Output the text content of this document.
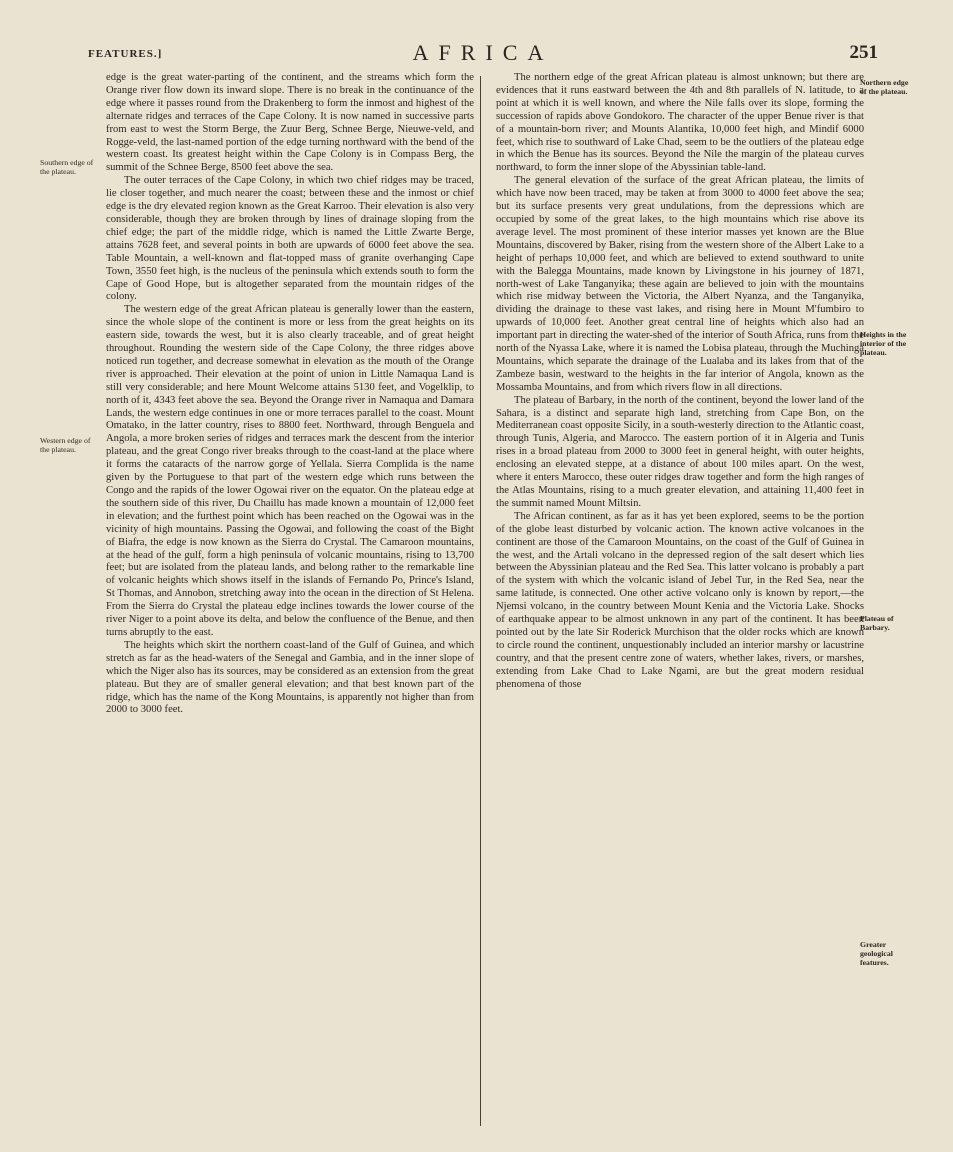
FEATURES.]	AFRICA	251

edge is the great water-parting of the continent, and the streams which form the Orange river flow down its inward slope. There is no break in the continuance of the edge where it passes round from the Drakenberg to form the inmost and highest of the alternate ridges and terraces of the Cape Colony. It is now named in successive parts from east to west the Storm Berge, the Zuur Berg, Schnee Berge, Nieuwe-veld, and Rogge-veld, the last-named portion of the edge turning northward with the bend of the western coast. Its greatest height within the Cape Colony is in Compass Berg, the summit of the Schnee Berge, 8500 feet above the sea.

The outer terraces of the Cape Colony, in which two chief ridges may be traced, lie closer together, and much nearer the coast; between these and the inmost or chief edge is the dry elevated region known as the Great Karroo. Their elevation is also very considerable, though they are broken through by lines of drainage sloping from the chief edge; the part of the middle ridge, which is named the Little Zwarte Berge, attains 7628 feet, and several points in both are upwards of 6000 feet above the sea. Table Mountain, a well-known and flat-topped mass of granite overhanging Cape Town, 3550 feet high, is the nucleus of the peninsula which extends south to form the Cape of Good Hope, but is altogether separated from the mountain ridges of the colony.

The western edge of the great African plateau is generally lower than the eastern, since the whole slope of the continent is more or less from the great heights on its eastern side, towards the west, but it is also clearly traceable, and of great height throughout. Rounding the western side of the Cape Colony, the three ridges above noticed run together, and decrease somewhat in elevation as the mouth of the Orange river is approached. Their elevation at the point of union in Little Namaqua Land is still very considerable; and here Mount Welcome attains 5130 feet, and Vogelklip, to north of it, 4343 feet above the sea. Beyond the Orange river in Namaqua and Damara Lands, the western edge continues in one or more terraces parallel to the coast. Mount Omatako, in the latter country, rises to 8800 feet. Northward, through Benguela and Angola, a more broken series of ridges and terraces mark the descent from the interior plateau, and the great Congo river breaks through to the coast-land at the place where it forms the cataracts of the narrow gorge of Yellala. Sierra Complida is the name given by the Portuguese to that part of the western edge which runs between the Congo and the rapids of the lower Ogowai river on the equator. On the plateau edge at the southern side of this river, Du Chaillu has made known a mountain of 12,000 feet in elevation; and the furthest point which has been reached on the Ogowai was in the vicinity of high mountains. Passing the Ogowai, and following the coast of the Bight of Biafra, the edge is now known as the Sierra do Crystal. The Camaroon mountains, at the head of the gulf, form a high peninsula of volcanic mountains, rising to 13,700 feet; but are isolated from the plateau lands, and belong rather to the remarkable line of volcanic heights which shows itself in the islands of Fernando Po, Prince's Island, St Thomas, and Annobon, stretching away into the ocean in the direction of St Helena. From the Sierra do Crystal the plateau edge inclines towards the lower course of the river Niger to a point above its delta, and below the confluence of the Benue, and then turns abruptly to the east.

The heights which skirt the northern coast-land of the Gulf of Guinea, and which stretch as far as the head-waters of the Senegal and Gambia, and in the inner slope of which the Niger also has its sources, may be considered as an extension from the great plateau. But they are of smaller general elevation; and that best known part of the ridge, which has the name of the Kong Mountains, is apparently not higher than from 2000 to 3000 feet.

The northern edge of the great African plateau is almost unknown; but there are evidences that it runs eastward between the 4th and 8th parallels of N. latitude, to a point at which it is well known, and where the Nile falls over its slope, forming the succession of rapids above Gondokoro. The character of the upper Benue river is that of a mountain-born river; and Mounts Alantika, 10,000 feet high, and Mindif 6000 feet, which rise to southward of Lake Chad, seem to be the outliers of the plateau edge in which the Benue has its sources. Beyond the Nile the margin of the plateau curves northward, to form the inner slope of the Abyssinian table-land.

The general elevation of the surface of the great African plateau, the limits of which have now been traced, may be taken at from 3000 to 4000 feet above the sea; but its surface presents very great undulations, from the depressions which are occupied by some of the great lakes, to the high mountains which rise above its average level. The most prominent of these interior masses yet known are the Blue Mountains, discovered by Baker, rising from the western shore of the Albert Lake to a height of perhaps 10,000 feet, and which are believed to extend southward to unite with the Balegga Mountains, made known by Livingstone in his journey of 1871, north-west of Lake Tanganyika; these again are believed to join with the mountains which rise midway between the Victoria, the Albert Nyanza, and the Tanganyika, dividing the drainage to these vast lakes, and rising here in Mount M'fumbiro to upwards of 10,000 feet. Another great central line of heights which also had an important part in directing the water-shed of the interior of South Africa, runs from the north of the Nyassa Lake, where it is named the Lobisa plateau, through the Muchinga Mountains, which separate the drainage of the Lualaba and its lakes from that of the Zambeze basin, westward to the heights in the far interior of Angola, known as the Mossamba Mountains, and from which rivers flow in all directions.

The plateau of Barbary, in the north of the continent, beyond the lower land of the Sahara, is a distinct and separate high land, stretching from Cape Bon, on the Mediterranean coast opposite Sicily, in a south-westerly direction to the Atlantic coast, through Tunis, Algeria, and Marocco. The eastern portion of it in Algeria and Tunis rises in a broad plateau from 2000 to 3000 feet in general height, with outer heights, enclosing an elevated steppe, at a distance of about 100 miles apart. On the west, where it enters Marocco, these outer ridges draw together and form the high ranges of the Atlas Mountains, rising to a much greater elevation, and attaining 11,400 feet in the summit named Mount Miltsin.

The African continent, as far as it has yet been explored, seems to be the portion of the globe least disturbed by volcanic action. The known active volcanoes in the continent are those of the Camaroon Mountains, on the coast of the Gulf of Guinea in the west, and the Artali volcano in the depressed region of the salt desert which lies between the Abyssinian plateau and the Red Sea. This latter volcano is probably a part of the system with which the volcanic island of Jebel Tur, in the Red Sea, near the same latitude, is connected. One other active volcano only is known by report,—the Njemsi volcano, in the country between Mount Kenia and the Victoria Lake. Shocks of earthquake appear to be almost unknown in any part of the continent. It has been pointed out by the late Sir Roderick Murchison that the older rocks which are known to circle round the continent, unquestionably included an interior marshy or lacustrine country, and that the present centre zone of waters, whether lakes, rivers, or marshes, extending from Lake Chad to Lake Ngami, are but the great modern residual phenomena of those

Southern edge of the plateau.
Western edge of the plateau.
Northern edge of the plateau.
Heights in the interior of the plateau.
Plateau of Barbary.
Greater geological features.
